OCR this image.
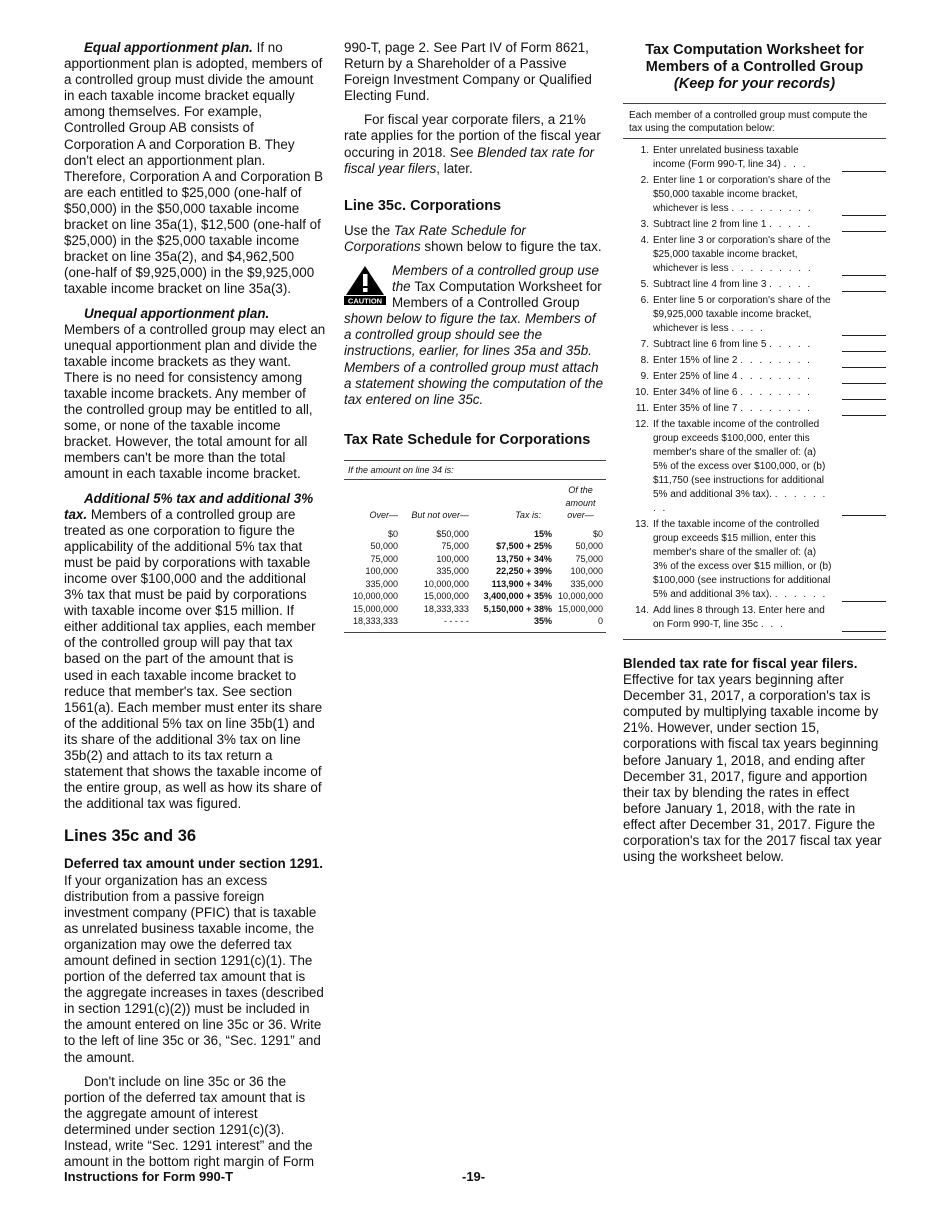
Equal apportionment plan. If no apportionment plan is adopted, members of a controlled group must divide the amount in each taxable income bracket equally among themselves. For example, Controlled Group AB consists of Corporation A and Corporation B. They don't elect an apportionment plan. Therefore, Corporation A and Corporation B are each entitled to $25,000 (one-half of $50,000) in the $50,000 taxable income bracket on line 35a(1), $12,500 (one-half of $25,000) in the $25,000 taxable income bracket on line 35a(2), and $4,962,500 (one-half of $9,925,000) in the $9,925,000 taxable income bracket on line 35a(3).

Unequal apportionment plan. Members of a controlled group may elect an unequal apportionment plan and divide the taxable income brackets as they want. There is no need for consistency among taxable income brackets. Any member of the controlled group may be entitled to all, some, or none of the taxable income bracket. However, the total amount for all members can't be more than the total amount in each taxable income bracket.

Additional 5% tax and additional 3% tax. Members of a controlled group are treated as one corporation to figure the applicability of the additional 5% tax that must be paid by corporations with taxable income over $100,000 and the additional 3% tax that must be paid by corporations with taxable income over $15 million. If either additional tax applies, each member of the controlled group will pay that tax based on the part of the amount that is used in each taxable income bracket to reduce that member's tax. See section 1561(a). Each member must enter its share of the additional 5% tax on line 35b(1) and its share of the additional 3% tax on line 35b(2) and attach to its tax return a statement that shows the taxable income of the entire group, as well as how its share of the additional tax was figured.

Lines 35c and 36

Deferred tax amount under section 1291. If your organization has an excess distribution from a passive foreign investment company (PFIC) that is taxable as unrelated business taxable income, the organization may owe the deferred tax amount defined in section 1291(c)(1). The portion of the deferred tax amount that is the aggregate increases in taxes (described in section 1291(c)(2)) must be included in the amount entered on line 35c or 36. Write to the left of line 35c or 36, “Sec. 1291” and the amount.

Don't include on line 35c or 36 the portion of the deferred tax amount that is the aggregate amount of interest determined under section 1291(c)(3). Instead, write “Sec. 1291 interest” and the amount in the bottom right margin of Form

990-T, page 2. See Part IV of Form 8621, Return by a Shareholder of a Passive Foreign Investment Company or Qualified Electing Fund.

For fiscal year corporate filers, a 21% rate applies for the portion of the fiscal year occuring in 2018. See Blended tax rate for fiscal year filers, later.

Line 35c. Corporations

Use the Tax Rate Schedule for Corporations shown below to figure the tax.

CAUTION
Members of a controlled group use the Tax Computation Worksheet for Members of a Controlled Group shown below to figure the tax. Members of a controlled group should see the instructions, earlier, for lines 35a and 35b. Members of a controlled group must attach a statement showing the computation of the tax entered on line 35c.
Tax Rate Schedule for Corporations
If the amount on line 34 is:			
Over—	But not over—	Tax is:	Of the amount over—
$0	$50,000	15%	$0
50,000	75,000	$7,500 + 25%	50,000
75,000	100,000	13,750 + 34%	75,000
100,000	335,000	22,250 + 39%	100,000
335,000	10,000,000	113,900 + 34%	335,000
10,000,000	15,000,000	3,400,000 + 35%	10,000,000
15,000,000	18,333,333	5,150,000 + 38%	15,000,000
18,333,333	- - - - -	35%	0
Tax Computation Worksheet for
Members of a Controlled Group
(Keep for your records)
Each member of a controlled group must compute the tax using the computation below:
1. Enter unrelated business taxable income (Form 990-T, line 34) . . .
2. Enter line 1 or corporation's share of the $50,000 taxable income bracket, whichever is less . . . . . . . . .
3. Subtract line 2 from line 1 . . . . .
4. Enter line 3 or corporation's share of the $25,000 taxable income bracket, whichever is less . . . . . . . . .
5. Subtract line 4 from line 3 . . . . .
6. Enter line 5 or corporation's share of the $9,925,000 taxable income bracket, whichever is less . . . .
7. Subtract line 6 from line 5 . . . . .
8. Enter 15% of line 2 . . . . . . . .
9. Enter 25% of line 4 . . . . . . . .
10. Enter 34% of line 6 . . . . . . . .
11. Enter 35% of line 7 . . . . . . . .
12. If the taxable income of the controlled group exceeds $100,000, enter this member's share of the smaller of: (a) 5% of the excess over $100,000, or (b) $11,750 (see instructions for additional 5% and additional 3% tax). . . . . . . . .
13. If the taxable income of the controlled group exceeds $15 million, enter this member's share of the smaller of: (a) 3% of the excess over $15 million, or (b) $100,000 (see instructions for additional 5% and additional 3% tax). . . . . . .
14. Add lines 8 through 13. Enter here and on Form 990-T, line 35c . . .

Blended tax rate for fiscal year filers.

Effective for tax years beginning after December 31, 2017, a corporation's tax is computed by multiplying taxable income by 21%. However, under section 15, corporations with fiscal tax years beginning before January 1, 2018, and ending after December 31, 2017, figure and apportion their tax by blending the rates in effect before January 1, 2018, with the rate in effect after December 31, 2017. Figure the corporation's tax for the 2017 fiscal tax year using the worksheet below.

Instructions for Form 990-T	-19-
